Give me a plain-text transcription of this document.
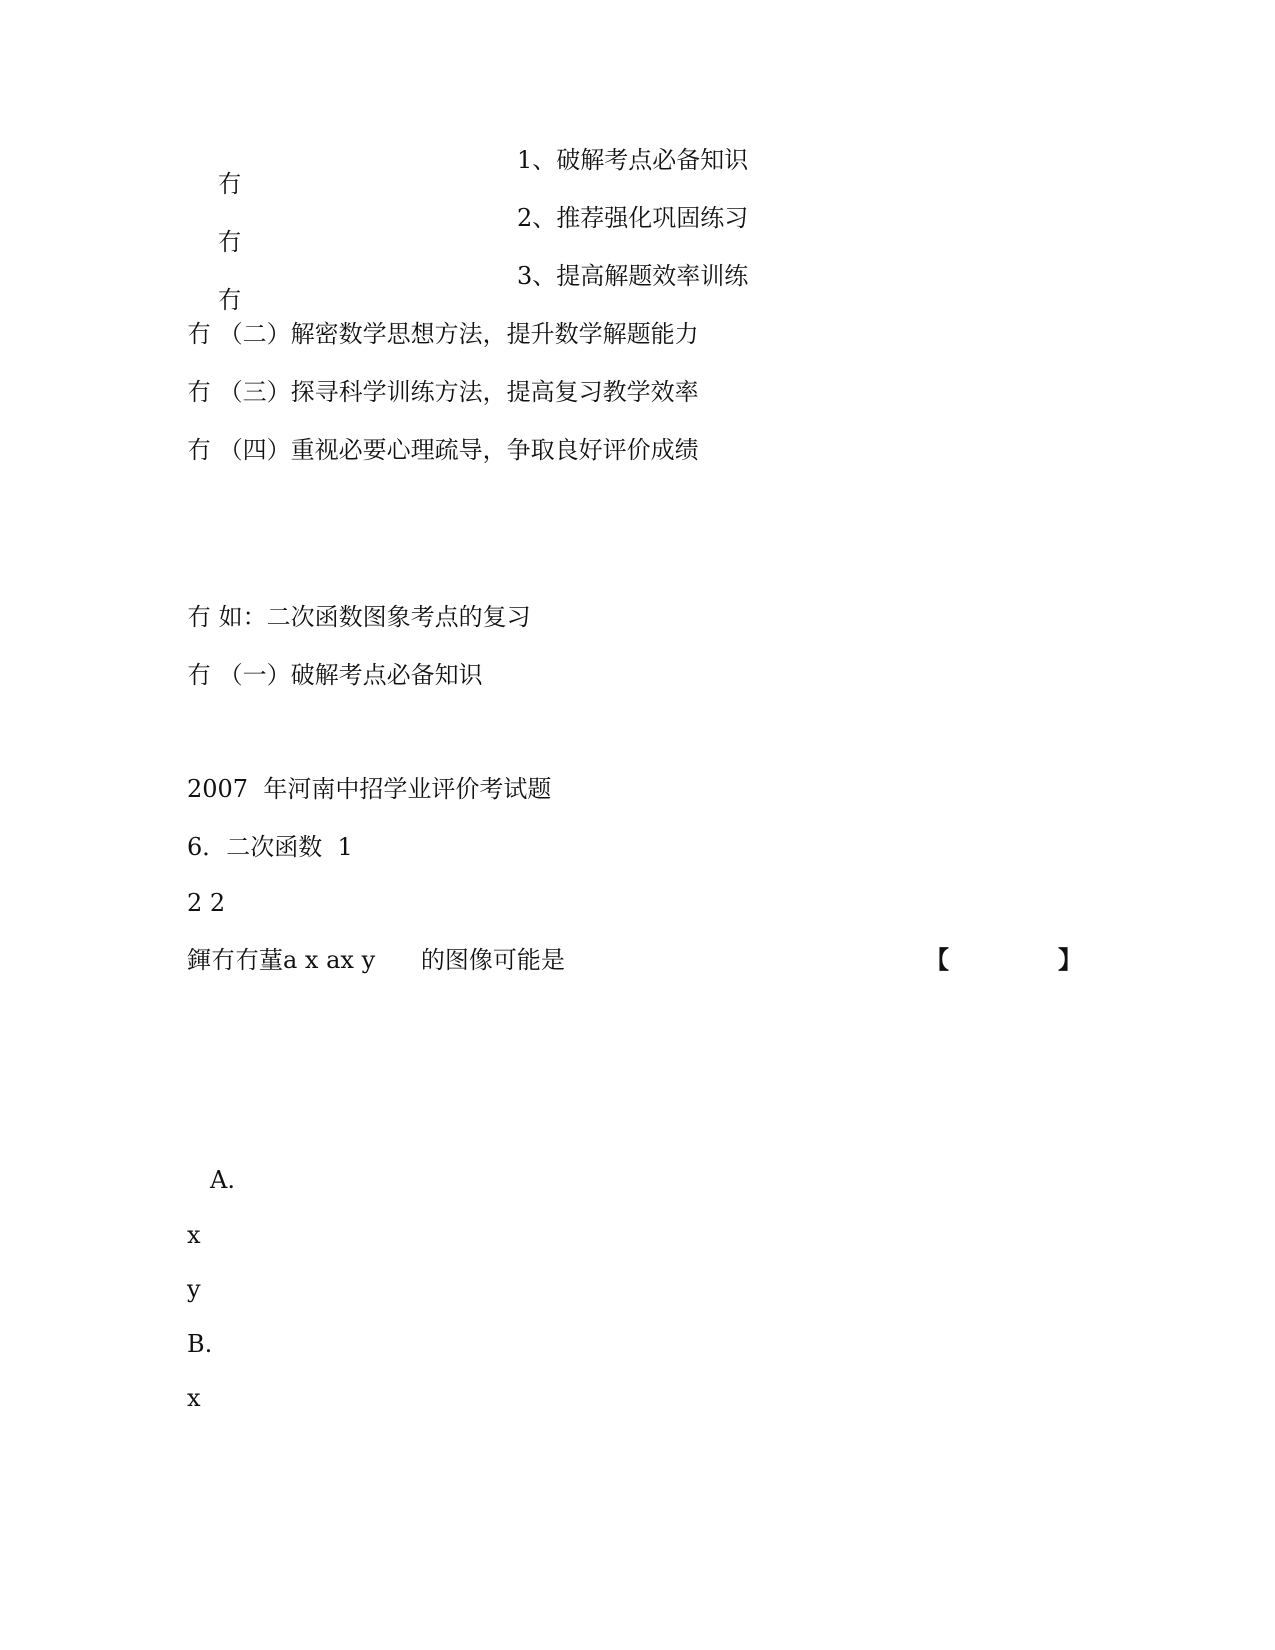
冇

1、破解考点必备知识

冇

2、推荐强化巩固练习

冇

3、提高解题效率训练

冇 （二）解密数学思想方法，提升数学解题能力
冇 （三）探寻科学训练方法，提高复习教学效率
冇 （四）重视必要心理疏导，争取良好评价成绩
冇 如：二次函数图象考点的复习
冇 （一）破解考点必备知识
2007  年河南中招学业评价考试题
6．二次函数  1
2 2
鍕冇冇蓳a x ax y      的图像可能是	【	】
A.
x
y
B.
x
